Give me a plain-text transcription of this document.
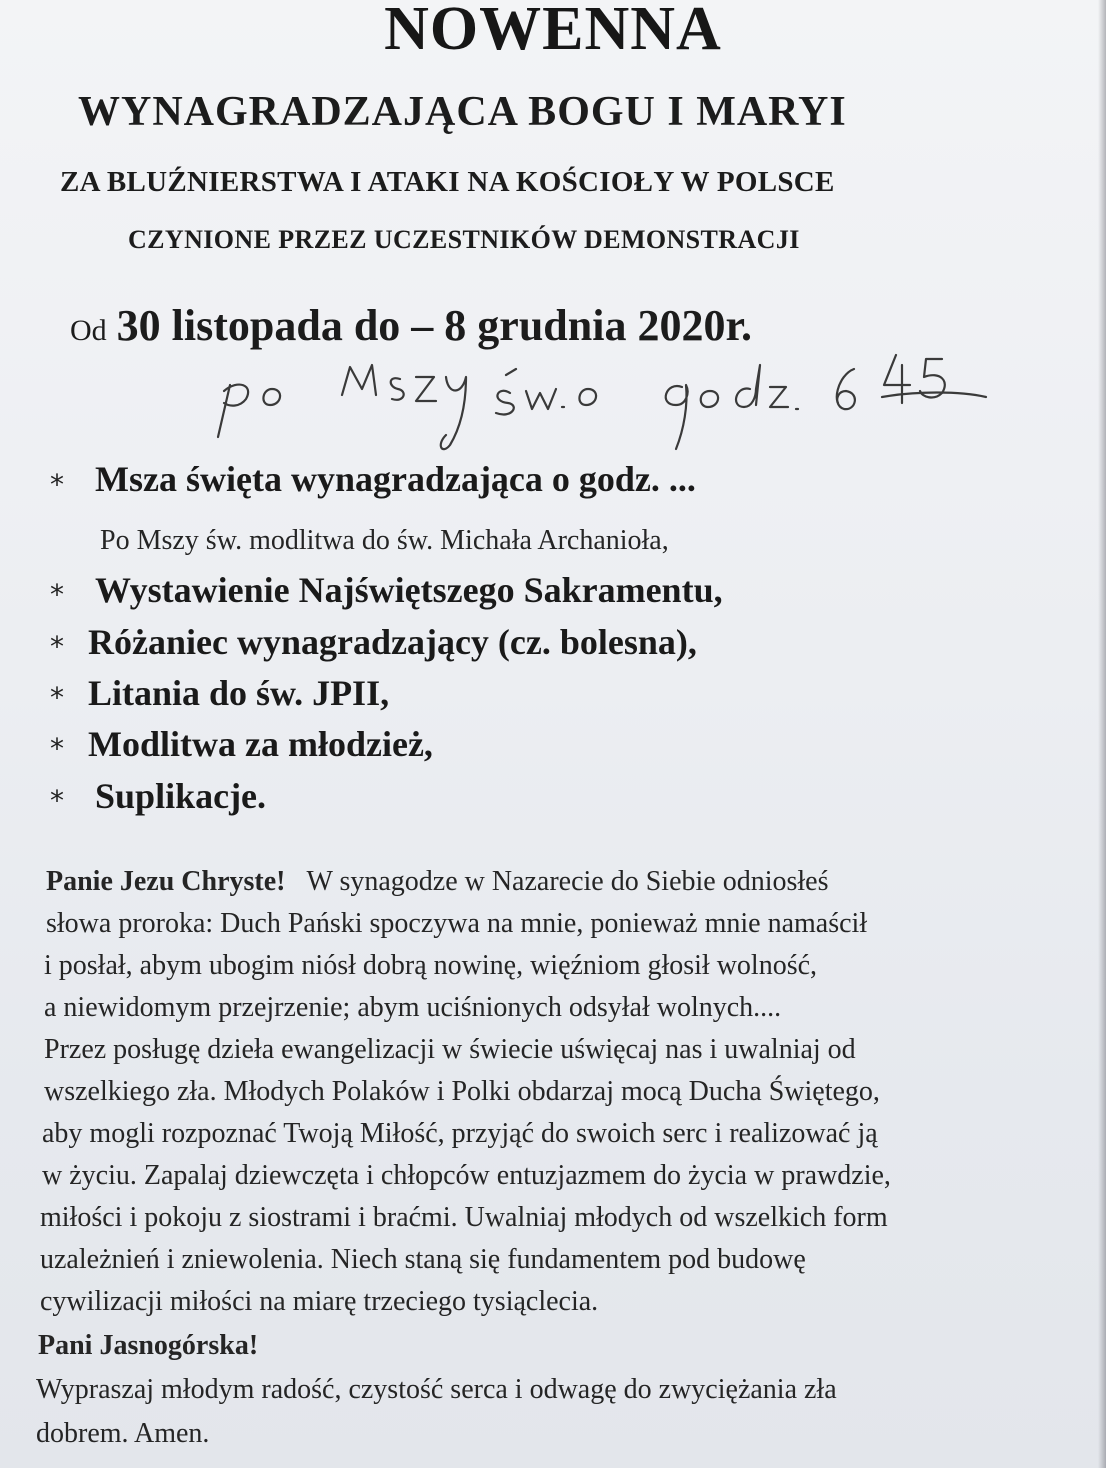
NOWENNA
WYNAGRADZAJĄCA BOGU I MARYI
ZA BLUŹNIERSTWA I ATAKI NA KOŚCIOŁY W POLSCE
CZYNIONE PRZEZ UCZESTNIKÓW DEMONSTRACJI
Od 30 listopada do – 8 grudnia 2020r.
* Msza święta wynagradzająca o godz. ...
Po Mszy św. modlitwa do św. Michała Archanioła,
* Wystawienie Najświętszego Sakramentu,
* Różaniec wynagradzający (cz. bolesna),
* Litania do św. JPII,
* Modlitwa za młodzież,
* Suplikacje.
Panie Jezu Chryste! W synagodze w Nazarecie do Siebie odniosłeś
słowa proroka: Duch Pański spoczywa na mnie, ponieważ mnie namaścił
i posłał, abym ubogim niósł dobrą nowinę, więźniom głosił wolność,
a niewidomym przejrzenie; abym uciśnionych odsyłał wolnych....
Przez posługę dzieła ewangelizacji w świecie uświęcaj nas i uwalniaj od
wszelkiego zła. Młodych Polaków i Polki obdarzaj mocą Ducha Świętego,
aby mogli rozpoznać Twoją Miłość, przyjąć do swoich serc i realizować ją
w życiu. Zapalaj dziewczęta i chłopców entuzjazmem do życia w prawdzie,
miłości i pokoju z siostrami i braćmi. Uwalniaj młodych od wszelkich form
uzależnień i zniewolenia. Niech staną się fundamentem pod budowę
cywilizacji miłości na miarę trzeciego tysiąclecia.
Pani Jasnogórska!
Wypraszaj młodym radość, czystość serca i odwagę do zwyciężania zła
dobrem. Amen.
